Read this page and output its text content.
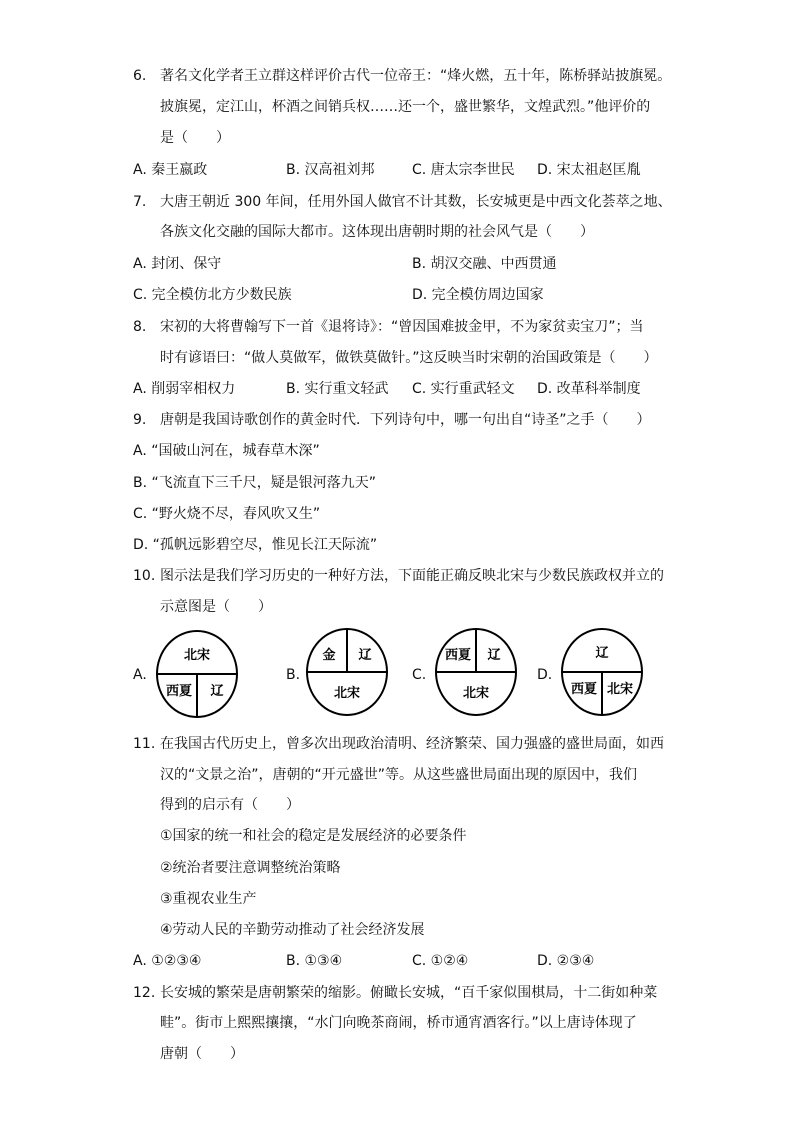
6. 著名文化学者王立群这样评价古代一位帝王：“烽火燃，五十年，陈桥驿站披旗冕。
披旗冕，定江山，杯酒之间销兵权……还一个，盛世繁华，文煌武烈。”他评价的
是（　　）
A. 秦王嬴政	B. 汉高祖刘邦	C. 唐太宗李世民 D. 宋太祖赵匡胤
7. 大唐王朝近 300 年间，任用外国人做官不计其数，长安城更是中西文化荟萃之地、
各族文化交融的国际大都市。这体现出唐朝时期的社会风气是（　　）
A. 封闭、保守	B. 胡汉交融、中西贯通
C. 完全模仿北方少数民族	D. 完全模仿周边国家
8. 宋初的大将曹翰写下一首《退将诗》：“曾因国难披金甲，不为家贫卖宝刀”；当
时有谚语曰：“做人莫做军，做铁莫做针。”这反映当时宋朝的治国政策是（　　）
A. 削弱宰相权力	B. 实行重文轻武 C. 实行重武轻文 D. 改革科举制度
9. 唐朝是我国诗歌创作的黄金时代．下列诗句中，哪一句出自“诗圣”之手（　　）
A. “国破山河在，城春草木深”
B. “飞流直下三千尺，疑是银河落九天”
C. “野火烧不尽，春风吹又生”
D. “孤帆远影碧空尽，惟见长江天际流”
10. 图示法是我们学习历史的一种好方法，下面能正确反映北宋与少数民族政权并立的
示意图是（　　）
A.
北宋
西夏 辽
B.
金 辽
北宋
C.
西夏 辽
北宋
D.
辽
西夏 北宋
11. 在我国古代历史上，曾多次出现政治清明、经济繁荣、国力强盛的盛世局面，如西
汉的“文景之治”，唐朝的“开元盛世”等。从这些盛世局面出现的原因中，我们
得到的启示有（　　）
①国家的统一和社会的稳定是发展经济的必要条件
②统治者要注意调整统治策略
③重视农业生产
④劳动人民的辛勤劳动推动了社会经济发展
A. ①②③④	B. ①③④	C. ①②④	D. ②③④
12. 长安城的繁荣是唐朝繁荣的缩影。俯瞰长安城，“百千家似围棋局，十二街如种菜
畦”。街市上熙熙攘攘，“水门向晚茶商闹，桥市通宵酒客行。”以上唐诗体现了
唐朝（　　）
